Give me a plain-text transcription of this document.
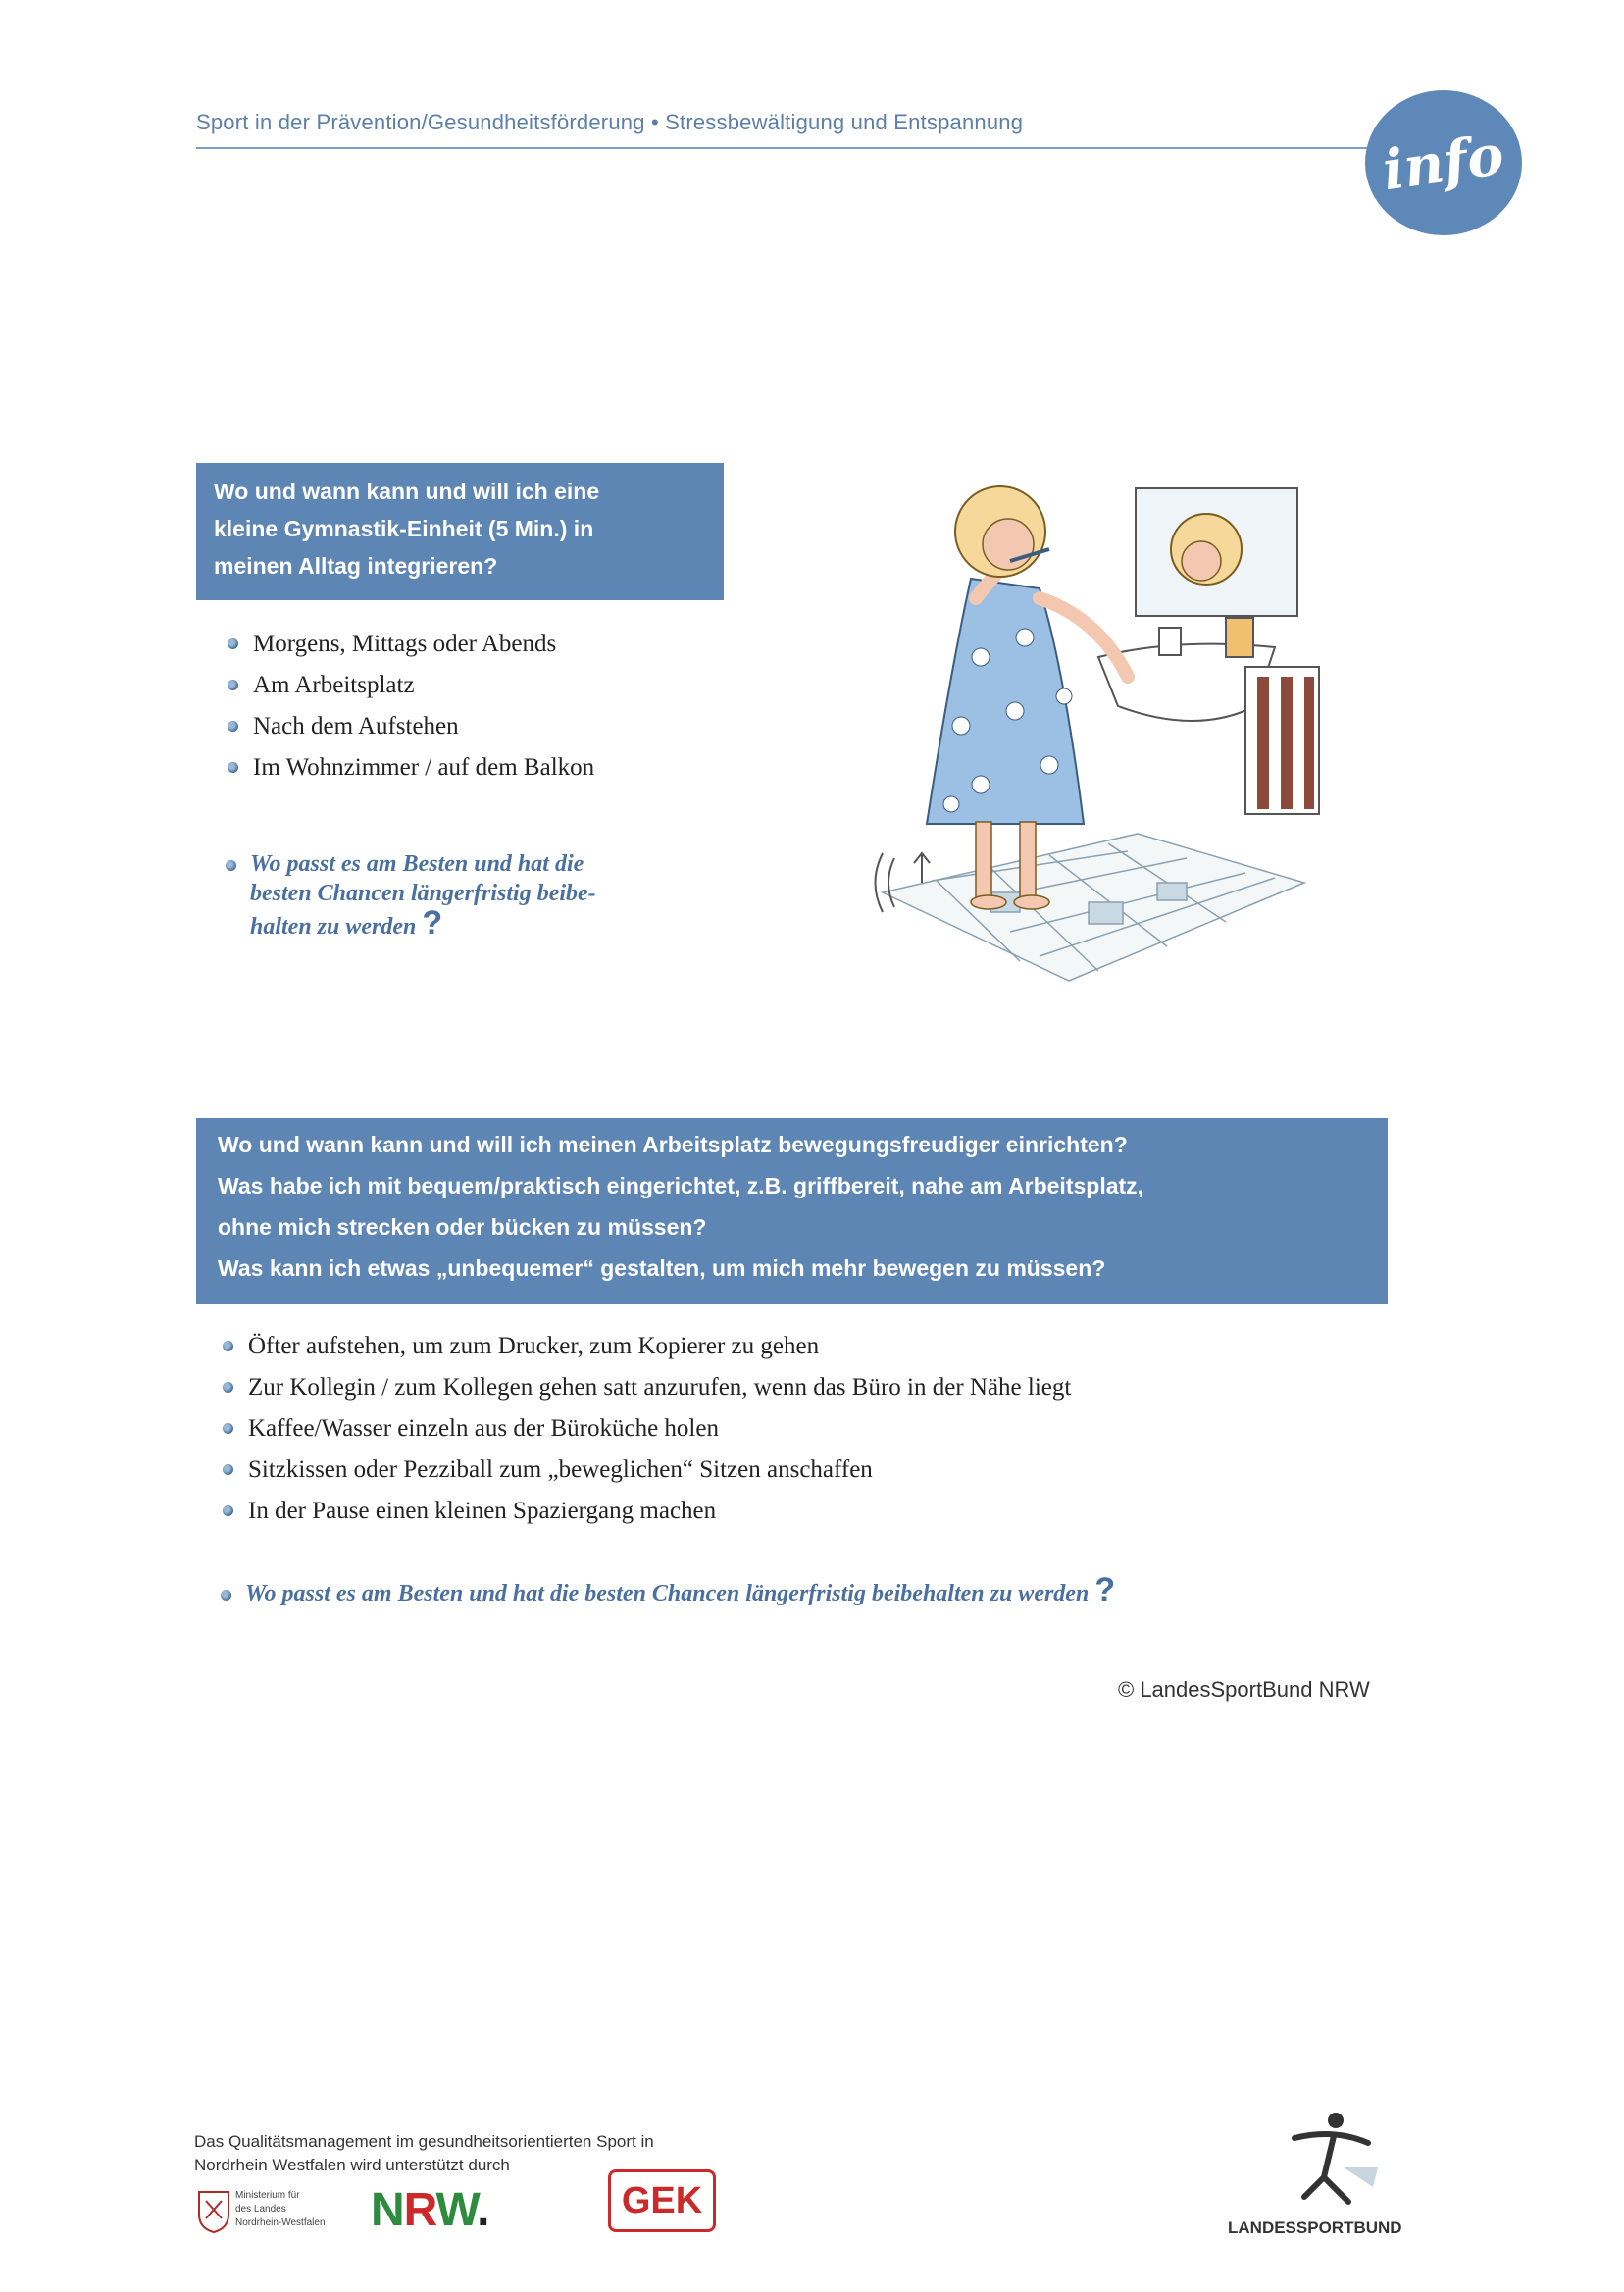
Sport in der Prävention/Gesundheitsförderung • Stressbewältigung und Entspannung
info
Wo und wann kann und will ich eine
kleine Gymnastik-Einheit (5 Min.) in
meinen Alltag integrieren?
Morgens, Mittags oder Abends
Am Arbeitsplatz
Nach dem Aufstehen
Im Wohnzimmer / auf dem Balkon
Wo passt es am Besten und hat die
besten Chancen längerfristig beibe-
halten zu werden ?
Wo und wann kann und will ich meinen Arbeitsplatz bewegungsfreudiger einrichten?
Was habe ich mit bequem/praktisch eingerichtet, z.B. griffbereit, nahe am Arbeitsplatz,
ohne mich strecken oder bücken zu müssen?
Was kann ich etwas „unbequemer“ gestalten, um mich mehr bewegen zu müssen?
Öfter aufstehen, um zum Drucker, zum Kopierer zu gehen
Zur Kollegin / zum Kollegen gehen satt anzurufen, wenn das Büro in der Nähe liegt
Kaffee/Wasser einzeln aus der Büroküche holen
Sitzkissen oder Pezziball zum „beweglichen“ Sitzen anschaffen
In der Pause einen kleinen Spaziergang machen
Wo passt es am Besten und hat die besten Chancen längerfristig beibehalten zu werden ?
© LandesSportBund NRW
Das Qualitätsmanagement im gesundheitsorientierten Sport in
Nordrhein Westfalen wird unterstützt durch
Ministerium für
des Landes
Nordrhein-Westfalen NRW.	GEK
LANDESSPORTBUND
